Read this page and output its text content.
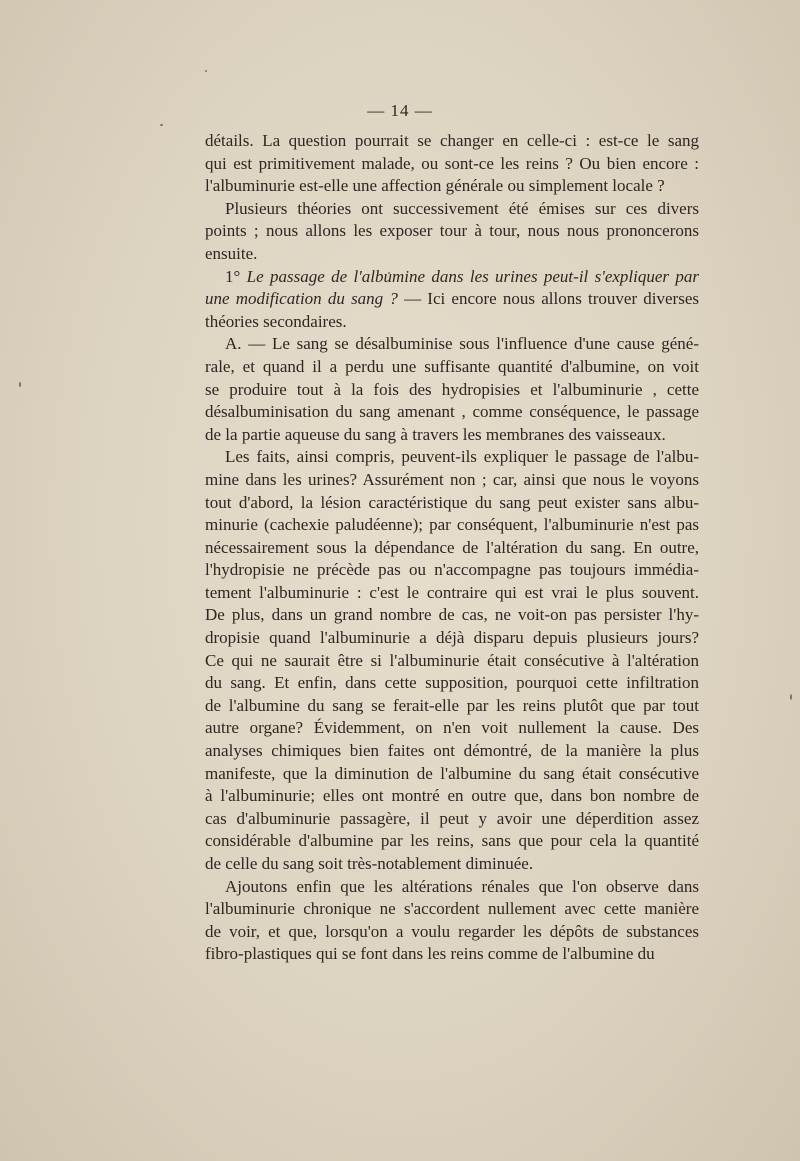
— 14 —

détails. La question pourrait se changer en celle-ci : est-ce le sang
qui est primitivement malade, ou sont-ce les reins ? Ou bien encore :
l'albuminurie est-elle une affection générale ou simplement locale ?

Plusieurs théories ont successivement été émises sur ces divers
points ; nous allons les exposer tour à tour, nous nous prononcerons
ensuite.

1° Le passage de l'albumine dans les urines peut-il s'expliquer par
une modification du sang ? — Ici encore nous allons trouver diverses
théories secondaires.

A. — Le sang se désalbuminise sous l'influence d'une cause géné-
rale, et quand il a perdu une suffisante quantité d'albumine, on voit
se produire tout à la fois des hydropisies et l'albuminurie , cette
désalbuminisation du sang amenant , comme conséquence, le passage
de la partie aqueuse du sang à travers les membranes des vaisseaux.

Les faits, ainsi compris, peuvent-ils expliquer le passage de l'albu-
mine dans les urines? Assurément non ; car, ainsi que nous le voyons
tout d'abord, la lésion caractéristique du sang peut exister sans albu-
minurie (cachexie paludéenne); par conséquent, l'albuminurie n'est pas
nécessairement sous la dépendance de l'altération du sang. En outre,
l'hydropisie ne précède pas ou n'accompagne pas toujours immédia-
tement l'albuminurie : c'est le contraire qui est vrai le plus souvent.
De plus, dans un grand nombre de cas, ne voit-on pas persister l'hy-
dropisie quand l'albuminurie a déjà disparu depuis plusieurs jours?
Ce qui ne saurait être si l'albuminurie était consécutive à l'altération
du sang. Et enfin, dans cette supposition, pourquoi cette infiltration
de l'albumine du sang se ferait-elle par les reins plutôt que par tout
autre organe? Évidemment, on n'en voit nullement la cause. Des
analyses chimiques bien faites ont démontré, de la manière la plus
manifeste, que la diminution de l'albumine du sang était consécutive
à l'albuminurie; elles ont montré en outre que, dans bon nombre de
cas d'albuminurie passagère, il peut y avoir une déperdition assez
considérable d'albumine par les reins, sans que pour cela la quantité
de celle du sang soit très-notablement diminuée.

Ajoutons enfin que les altérations rénales que l'on observe dans
l'albuminurie chronique ne s'accordent nullement avec cette manière
de voir, et que, lorsqu'on a voulu regarder les dépôts de substances
fibro-plastiques qui se font dans les reins comme de l'albumine du
